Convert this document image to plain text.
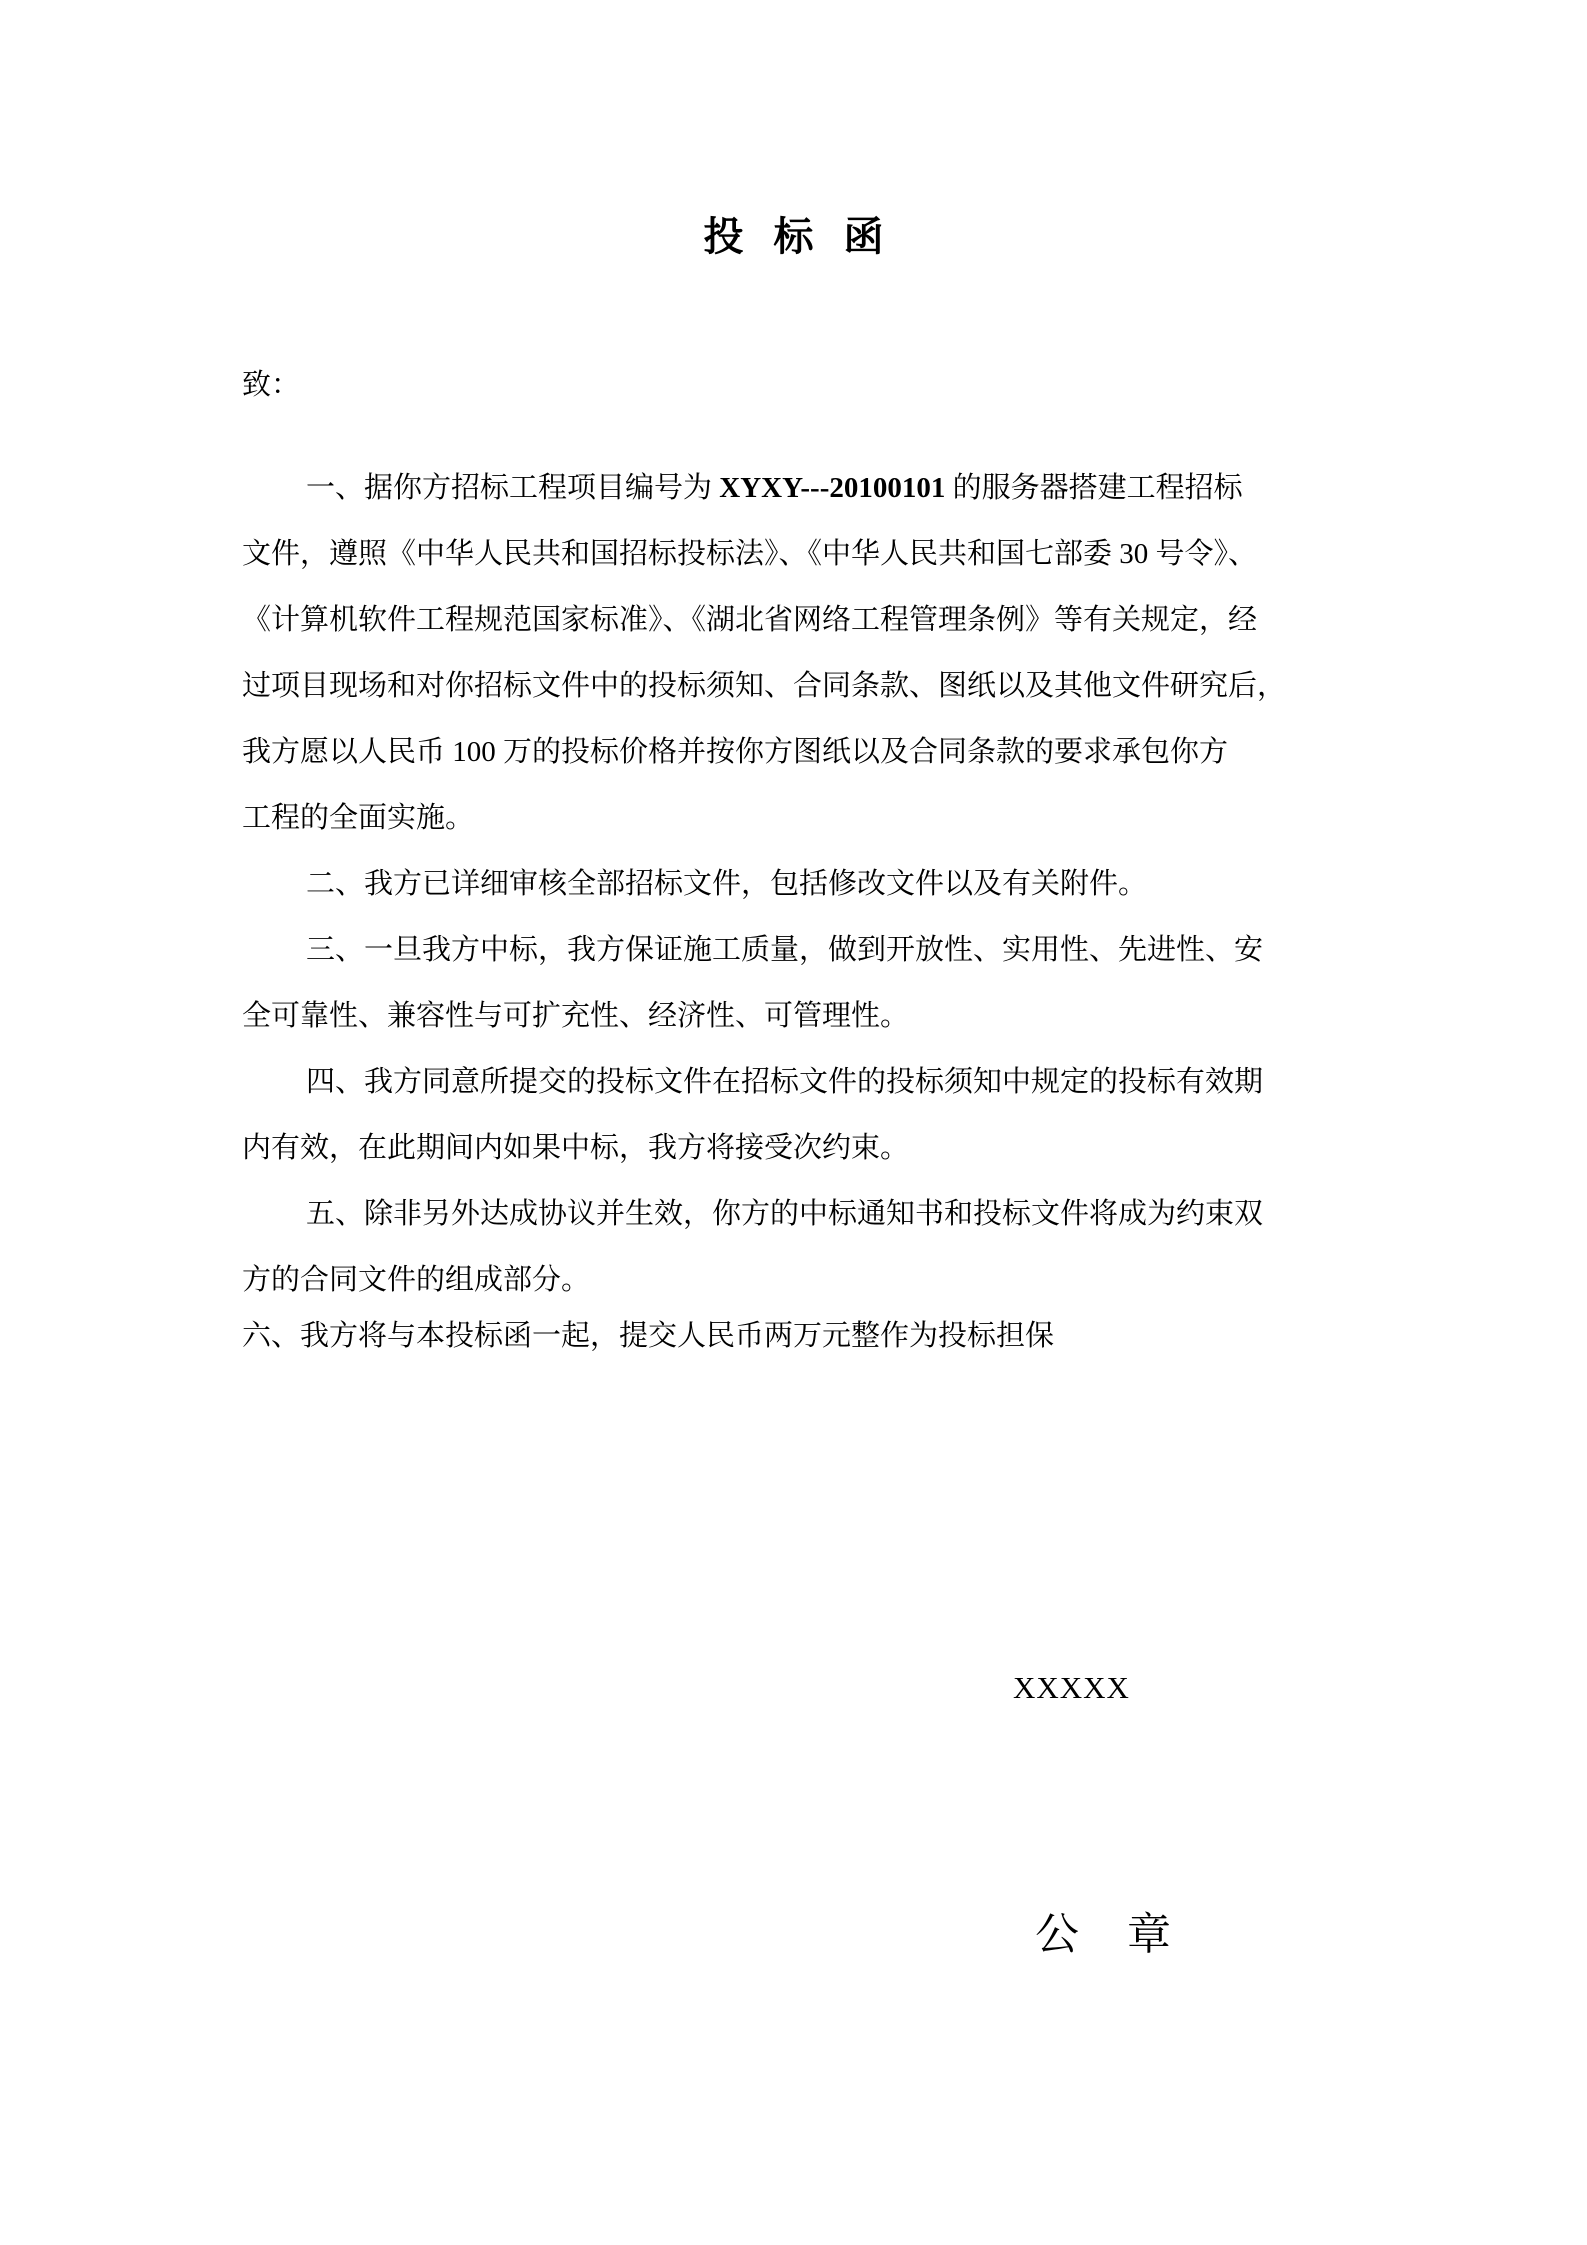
投标函
致：
一、据你方招标工程项目编号为 XYXY---20100101 的服务器搭建工程招标
文件，遵照《中华人民共和国招标投标法》、《中华人民共和国七部委 30 号令》、
《计算机软件工程规范国家标准》、《湖北省网络工程管理条例》等有关规定，经
过项目现场和对你招标文件中的投标须知、合同条款、图纸以及其他文件研究后，
我方愿以人民币 100 万的投标价格并按你方图纸以及合同条款的要求承包你方
工程的全面实施。
二、我方已详细审核全部招标文件，包括修改文件以及有关附件。
三、一旦我方中标，我方保证施工质量，做到开放性、实用性、先进性、安
全可靠性、兼容性与可扩充性、经济性、可管理性。
四、我方同意所提交的投标文件在招标文件的投标须知中规定的投标有效期
内有效，在此期间内如果中标，我方将接受次约束。
五、除非另外达成协议并生效，你方的中标通知书和投标文件将成为约束双
方的合同文件的组成部分。
六、我方将与本投标函一起，提交人民币两万元整作为投标担保
XXXXX
公章
